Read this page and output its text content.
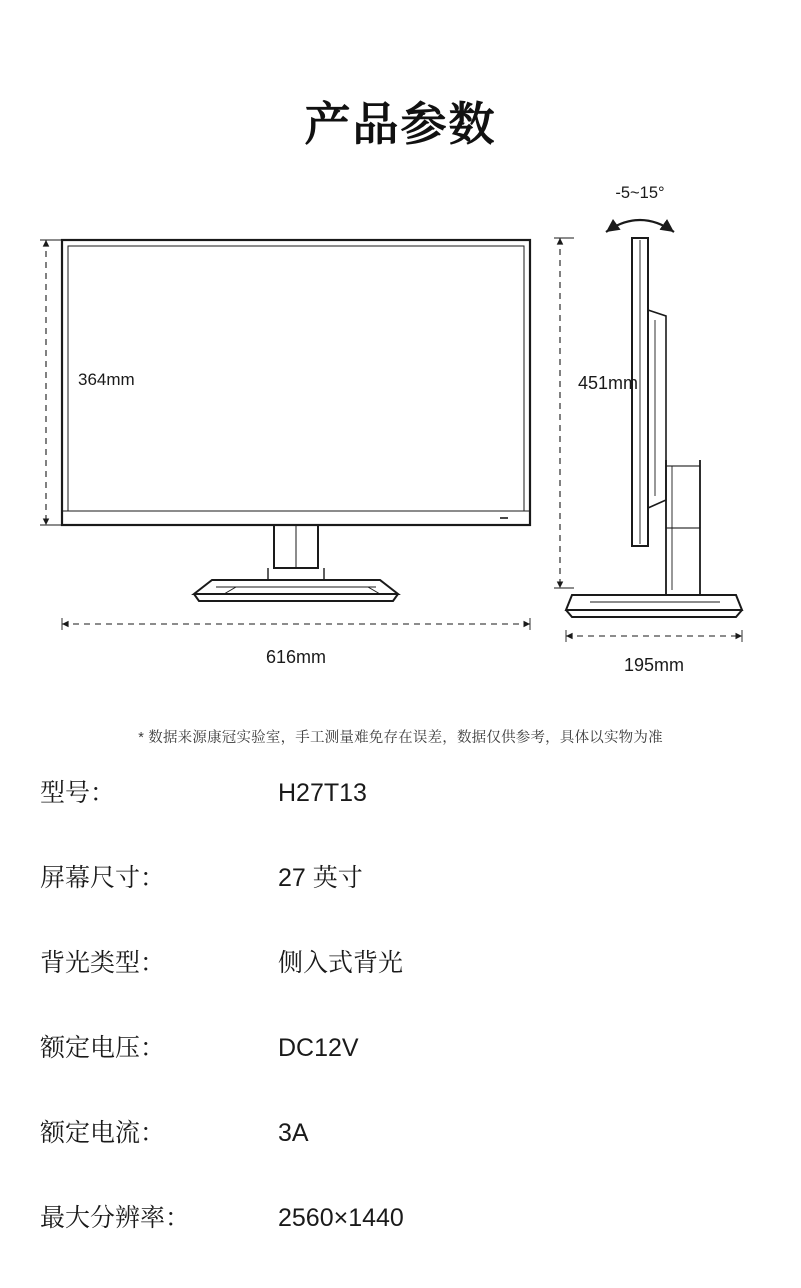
产品参数
364mm
616mm
-5~15°
451mm
195mm
* 数据来源康冠实验室，手工测量难免存在误差，数据仅供参考，具体以实物为准
型号：	H27T13
屏幕尺寸：	27 英寸
背光类型：	侧入式背光
额定电压：	DC12V
额定电流：	3A
最大分辨率：	2560×1440
